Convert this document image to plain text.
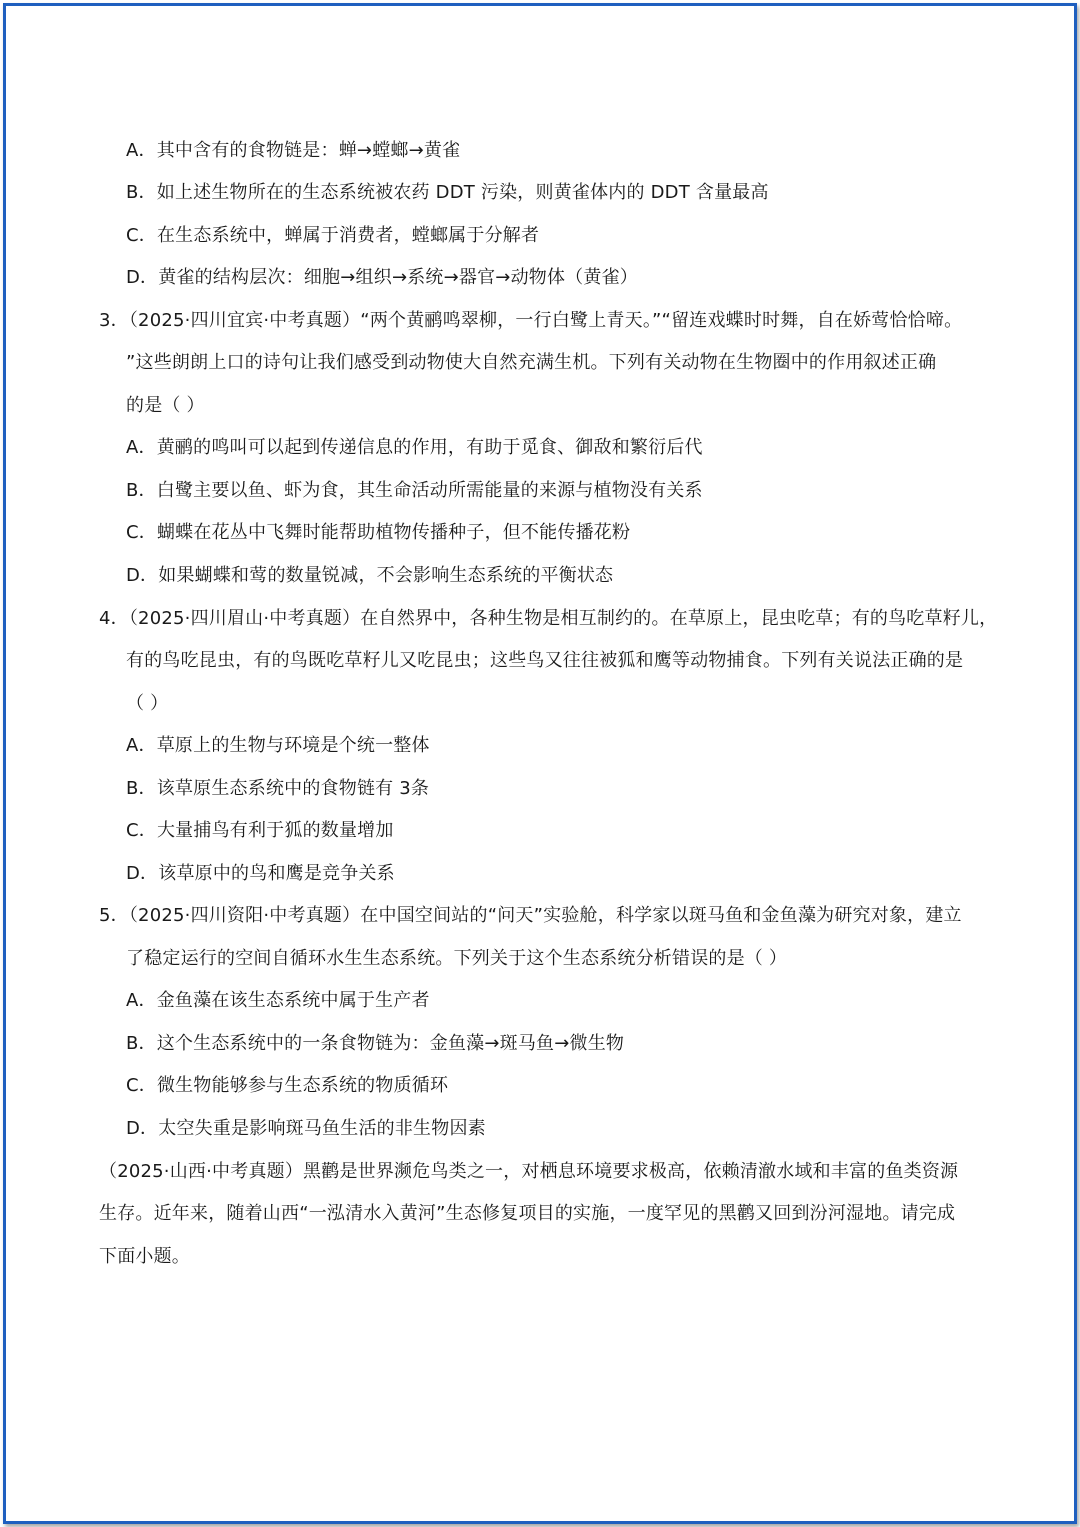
A．其中含有的食物链是：蝉→螳螂→黄雀
B．如上述生物所在的生态系统被农药 DDT 污染，则黄雀体内的 DDT 含量最高
C．在生态系统中，蝉属于消费者，螳螂属于分解者
D．黄雀的结构层次：细胞→组织→系统→器官→动物体（黄雀）
3．（2025·四川宜宾·中考真题）“两个黄鹂鸣翠柳，一行白鹭上青天。”“留连戏蝶时时舞，自在娇莺恰恰啼。
”这些朗朗上口的诗句让我们感受到动物使大自然充满生机。下列有关动物在生物圈中的作用叙述正确
的是（ ）
A．黄鹂的鸣叫可以起到传递信息的作用，有助于觅食、御敌和繁衍后代
B．白鹭主要以鱼、虾为食，其生命活动所需能量的来源与植物没有关系
C．蝴蝶在花丛中飞舞时能帮助植物传播种子，但不能传播花粉
D．如果蝴蝶和莺的数量锐减，不会影响生态系统的平衡状态
4．（2025·四川眉山·中考真题）在自然界中，各种生物是相互制约的。在草原上，昆虫吃草；有的鸟吃草籽儿，
有的鸟吃昆虫，有的鸟既吃草籽儿又吃昆虫；这些鸟又往往被狐和鹰等动物捕食。下列有关说法正确的是
（ ）
A．草原上的生物与环境是个统一整体
B．该草原生态系统中的食物链有 3条
C．大量捕鸟有利于狐的数量增加
D．该草原中的鸟和鹰是竞争关系
5．（2025·四川资阳·中考真题）在中国空间站的“问天”实验舱，科学家以斑马鱼和金鱼藻为研究对象，建立
了稳定运行的空间自循环水生生态系统。下列关于这个生态系统分析错误的是（ ）
A．金鱼藻在该生态系统中属于生产者
B．这个生态系统中的一条食物链为：金鱼藻→斑马鱼→微生物
C．微生物能够参与生态系统的物质循环
D．太空失重是影响斑马鱼生活的非生物因素
（2025·山西·中考真题）黑鹳是世界濒危鸟类之一，对栖息环境要求极高，依赖清澈水域和丰富的鱼类资源
生存。近年来，随着山西“一泓清水入黄河”生态修复项目的实施，一度罕见的黑鹳又回到汾河湿地。请完成
下面小题。
